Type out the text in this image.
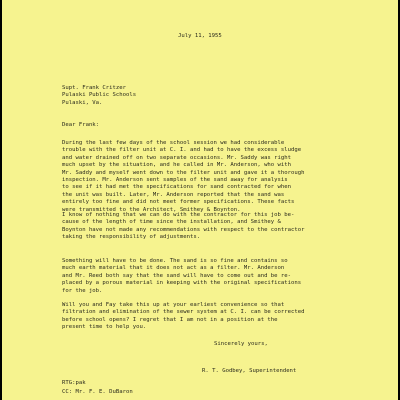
July 11, 1955
Supt. Frank Critzer
Pulaski Public Schools
Pulaski, Va.
Dear Frank:
During the last few days of the school session we had considerable
trouble with the filter unit at C. I. and had to have the excess sludge
and water drained off on two separate occasions. Mr. Saddy was right
much upset by the situation, and he called in Mr. Anderson, who with
Mr. Saddy and myself went down to the filter unit and gave it a thorough
inspection. Mr. Anderson sent samples of the sand away for analysis
to see if it had met the specifications for sand contracted for when
the unit was built. Later, Mr. Anderson reported that the sand was
entirely too fine and did not meet former specifications. These facts
were transmitted to the Architect, Smithey & Boynton.
I know of nothing that we can do with the contractor for this job be-
cause of the length of time since the installation, and Smithey &
Boynton have not made any recommendations with respect to the contractor
taking the responsibility of adjustments.
Something will have to be done. The sand is so fine and contains so
much earth material that it does not act as a filter. Mr. Anderson
and Mr. Reed both say that the sand will have to come out and be re-
placed by a porous material in keeping with the original specifications
for the job.
Will you and Fay take this up at your earliest convenience so that
filtration and elimination of the sewer system at C. I. can be corrected
before school opens? I regret that I am not in a position at the
present time to help you.
Sincerely yours,
R. T. Godbey, Superintendent
RTG:pak
CC: Mr. F. E. DuBaron
